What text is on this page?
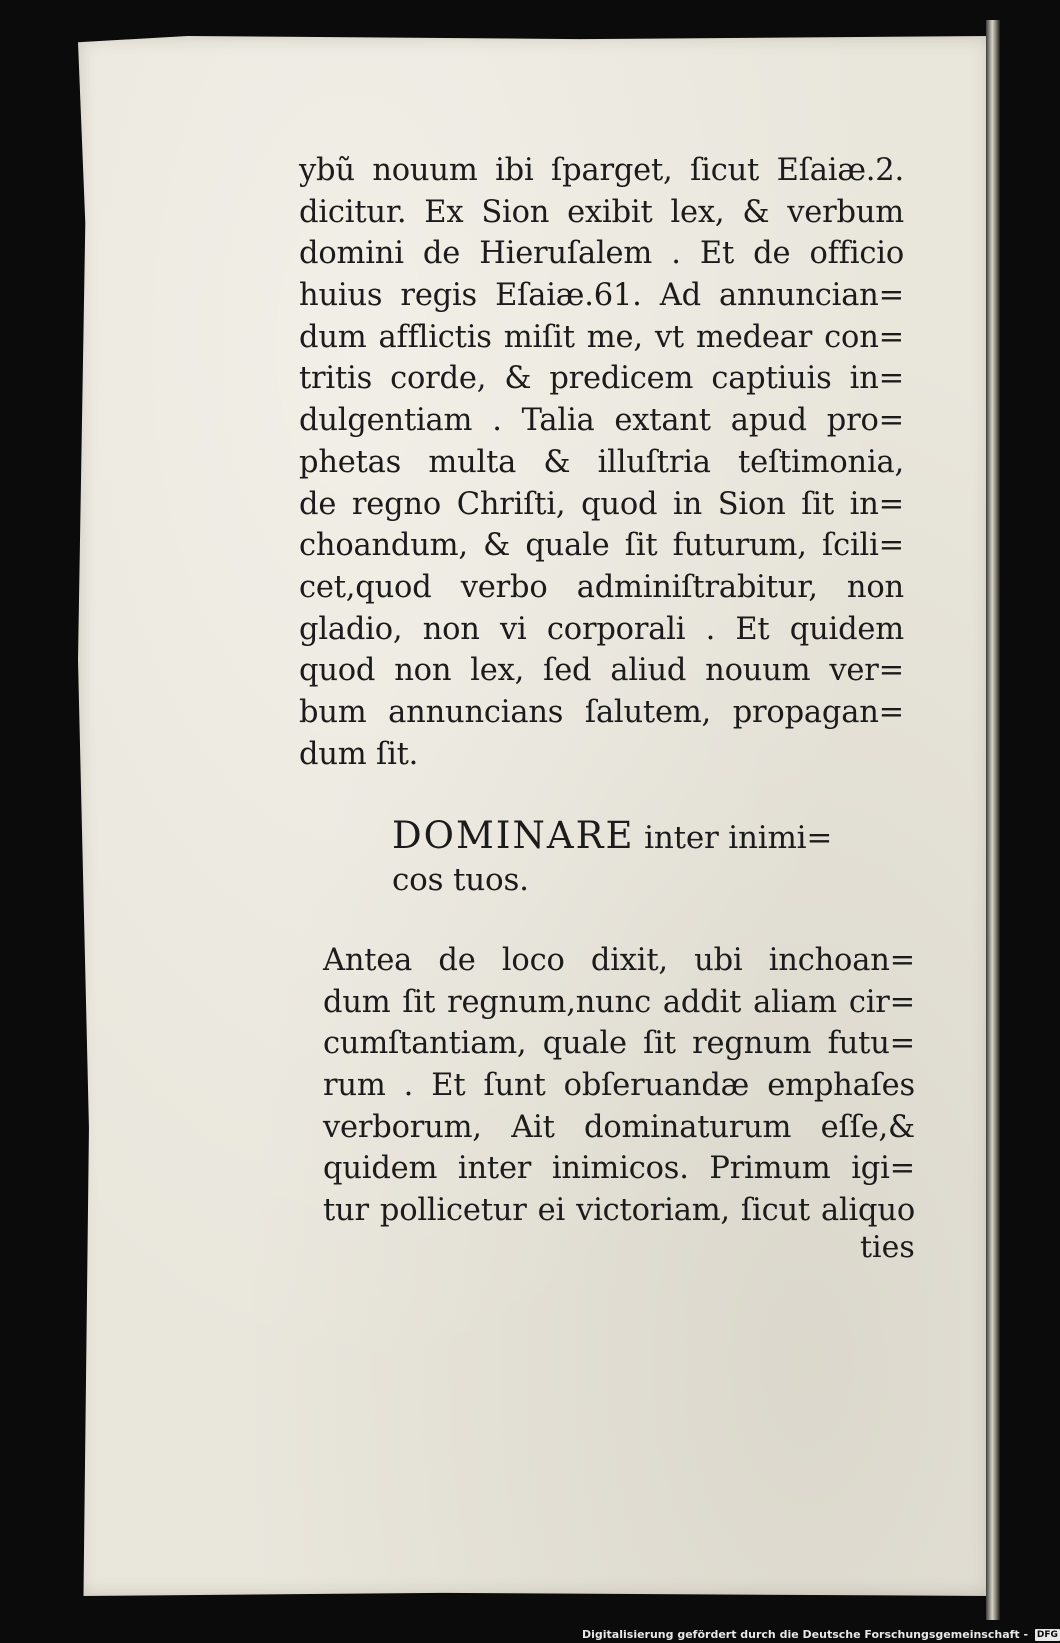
ybũ nouum ibi ſparget, ſicut Eſaiæ.2.
dicitur. Ex Sion exibit lex, & verbum
domini de Hieruſalem . Et de officio
huius regis Eſaiæ.61. Ad annuncian=
dum afflictis miſit me, vt medear con=
tritis corde, & predicem captiuis in=
dulgentiam . Talia extant apud pro=
phetas multa & illuſtria teſtimonia,
de regno Chriſti, quod in Sion ſit in=
choandum, & quale ſit futurum, ſcili=
cet,quod verbo adminiſtrabitur, non
gladio, non vi corporali . Et quidem
quod non lex, ſed aliud nouum ver=
bum annuncians ſalutem, propagan=
dum ſit.
DOMINARE inter inimi=
cos tuos.
Antea de loco dixit, ubi inchoan=
dum ſit regnum,nunc addit aliam cir=
cumſtantiam, quale ſit regnum futu=
rum . Et ſunt obſeruandæ emphaſes
verborum, Ait dominaturum eſſe,&
quidem inter inimicos. Primum igi=
tur pollicetur ei victoriam, ſicut aliquo
ties
Digitalisierung gefördert durch die Deutsche Forschungsgemeinschaft - DFG
